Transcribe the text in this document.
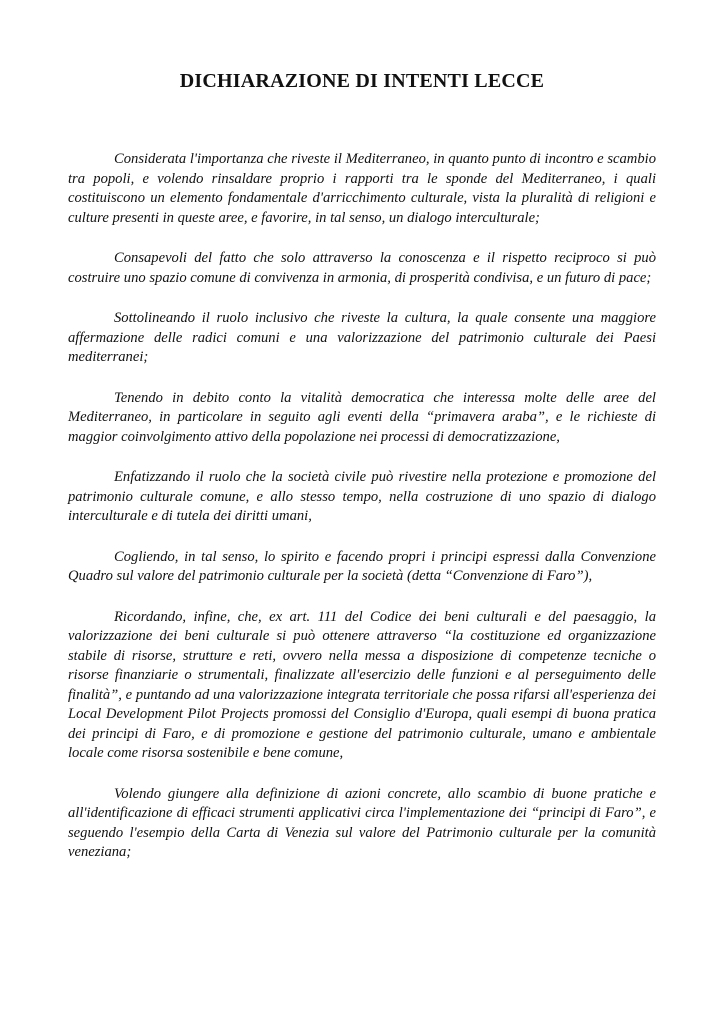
DICHIARAZIONE DI INTENTI LECCE

Considerata l'importanza che riveste il Mediterraneo, in quanto punto di incontro e scambio tra popoli, e volendo rinsaldare proprio i rapporti tra le sponde del Mediterraneo, i quali costituiscono un elemento fondamentale d'arricchimento culturale, vista la pluralità di religioni e culture presenti in queste aree, e favorire, in tal senso, un dialogo interculturale;

Consapevoli del fatto che solo attraverso la conoscenza e il rispetto reciproco si può costruire uno spazio comune di convivenza in armonia, di prosperità condivisa, e un futuro di pace;

Sottolineando il ruolo inclusivo che riveste la cultura, la quale consente una maggiore affermazione delle radici comuni e una valorizzazione del patrimonio culturale dei Paesi mediterranei;

Tenendo in debito conto la vitalità democratica che interessa molte delle aree del Mediterraneo, in particolare in seguito agli eventi della “primavera araba”, e le richieste di maggior coinvolgimento attivo della popolazione nei processi di democratizzazione,

Enfatizzando il ruolo che la società civile può rivestire nella protezione e promozione del patrimonio culturale comune, e allo stesso tempo, nella costruzione di uno spazio di dialogo interculturale e di tutela dei diritti umani,

Cogliendo, in tal senso, lo spirito e facendo propri i principi espressi dalla Convenzione Quadro sul valore del patrimonio culturale per la società (detta “Convenzione di Faro”),

Ricordando, infine, che, ex art. 111 del Codice dei beni culturali e del paesaggio, la valorizzazione dei beni culturale si può ottenere attraverso “la costituzione ed organizzazione stabile di risorse, strutture e reti, ovvero nella messa a disposizione di competenze tecniche o risorse finanziarie o strumentali, finalizzate all'esercizio delle funzioni e al perseguimento delle finalità”, e puntando ad una valorizzazione integrata territoriale che possa rifarsi all'esperienza dei Local Development Pilot Projects promossi del Consiglio d'Europa, quali esempi di buona pratica dei principi di Faro, e di promozione e gestione del patrimonio culturale, umano e ambientale locale come risorsa sostenibile e bene comune,

Volendo giungere alla definizione di azioni concrete, allo scambio di buone pratiche e all'identificazione di efficaci strumenti applicativi circa l'implementazione dei “principi di Faro”, e seguendo l'esempio della Carta di Venezia sul valore del Patrimonio culturale per la comunità veneziana;
